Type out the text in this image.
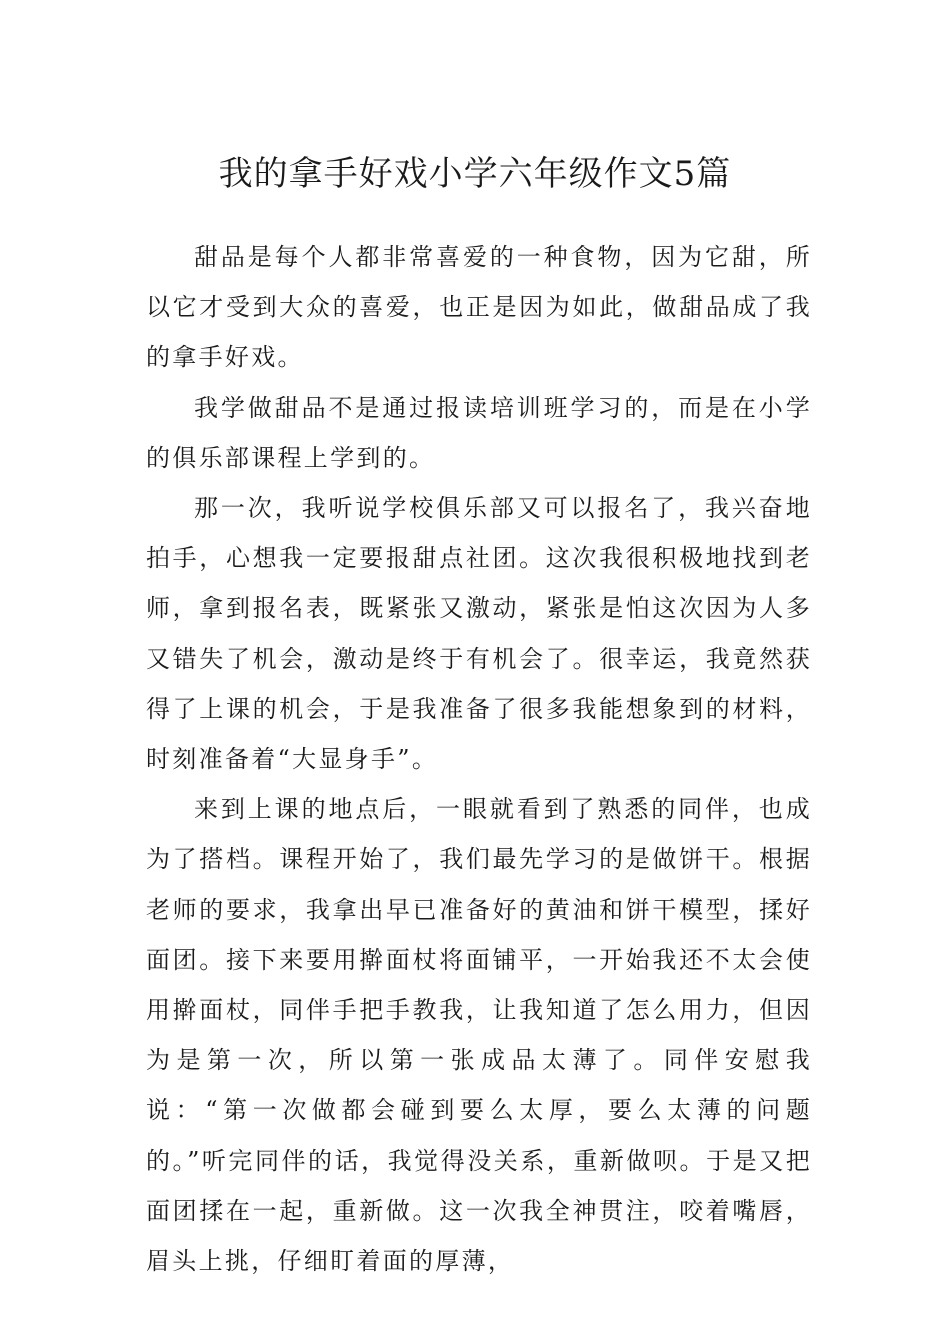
我的拿手好戏小学六年级作文5篇

甜品是每个人都非常喜爱的一种食物，因为它甜，所以它才受到大众的喜爱，也正是因为如此，做甜品成了我的拿手好戏。

我学做甜品不是通过报读培训班学习的，而是在小学的俱乐部课程上学到的。

那一次，我听说学校俱乐部又可以报名了，我兴奋地拍手，心想我一定要报甜点社团。这次我很积极地找到老师，拿到报名表，既紧张又激动，紧张是怕这次因为人多又错失了机会，激动是终于有机会了。很幸运，我竟然获得了上课的机会，于是我准备了很多我能想象到的材料，时刻准备着“大显身手”。

来到上课的地点后，一眼就看到了熟悉的同伴，也成为了搭档。课程开始了，我们最先学习的是做饼干。根据老师的要求，我拿出早已准备好的黄油和饼干模型，揉好面团。接下来要用擀面杖将面铺平，一开始我还不太会使用擀面杖，同伴手把手教我，让我知道了怎么用力，但因为是第一次，所以第一张成品太薄了。同伴安慰我说：“第一次做都会碰到要么太厚，要么太薄的问题的。”听完同伴的话，我觉得没关系，重新做呗。于是又把面团揉在一起，重新做。这一次我全神贯注，咬着嘴唇，眉头上挑，仔细盯着面的厚薄，
